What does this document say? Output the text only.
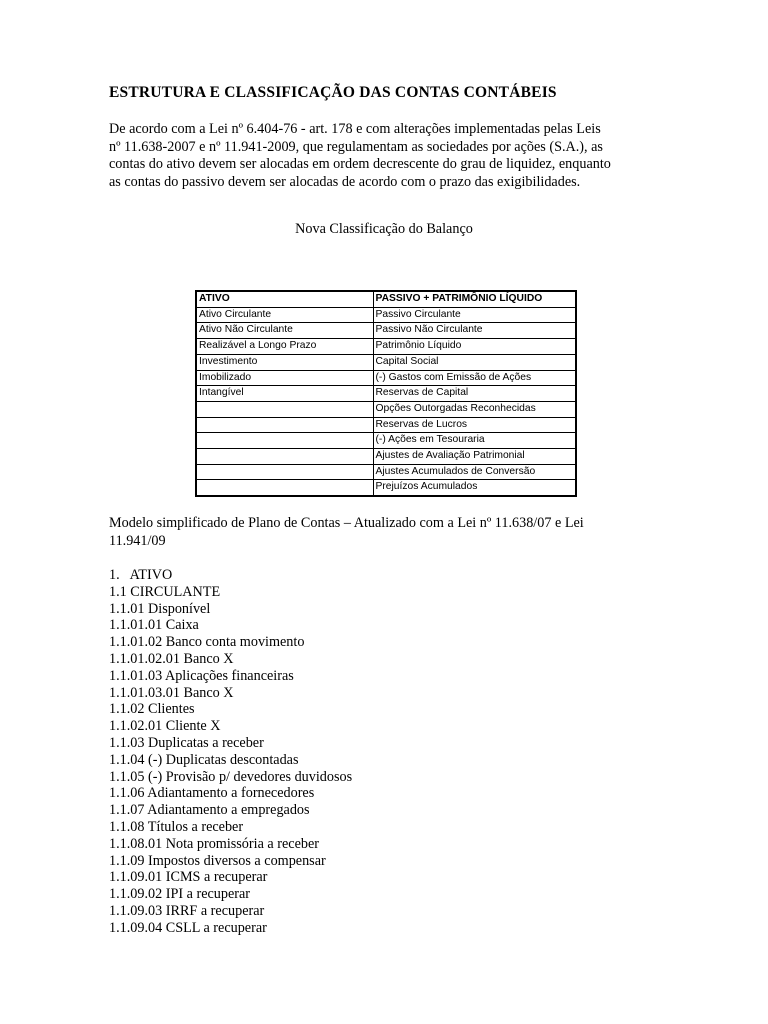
ESTRUTURA E CLASSIFICAÇÃO DAS CONTAS CONTÁBEIS
De acordo com a Lei nº 6.404-76 - art. 178 e com alterações implementadas pelas Leis
nº 11.638-2007 e nº 11.941-2009, que regulamentam as sociedades por ações (S.A.), as
contas do ativo devem ser alocadas em ordem decrescente do grau de liquidez, enquanto
as contas do passivo devem ser alocadas de acordo com o prazo das exigibilidades.
Nova Classificação do Balanço
ATIVO	PASSIVO + PATRIMÔNIO LÍQUIDO
Ativo Circulante	Passivo Circulante
Ativo Não Circulante	Passivo Não Circulante
Realizável a Longo Prazo	Patrimônio Líquido
Investimento	Capital Social
Imobilizado	(-) Gastos com Emissão de Ações
Intangível	Reservas de Capital
	Opções Outorgadas Reconhecidas
	Reservas de Lucros
	(-) Ações em Tesouraria
	Ajustes de Avaliação Patrimonial
	Ajustes Acumulados de Conversão
	Prejuízos Acumulados
Modelo simplificado de Plano de Contas – Atualizado com a Lei nº 11.638/07 e Lei
11.941/09
1. ATIVO
1.1 CIRCULANTE
1.1.01 Disponível
1.1.01.01 Caixa
1.1.01.02 Banco conta movimento
1.1.01.02.01 Banco X
1.1.01.03 Aplicações financeiras
1.1.01.03.01 Banco X
1.1.02 Clientes
1.1.02.01 Cliente X
1.1.03 Duplicatas a receber
1.1.04 (-) Duplicatas descontadas
1.1.05 (-) Provisão p/ devedores duvidosos
1.1.06 Adiantamento a fornecedores
1.1.07 Adiantamento a empregados
1.1.08 Títulos a receber
1.1.08.01 Nota promissória a receber
1.1.09 Impostos diversos a compensar
1.1.09.01 ICMS a recuperar
1.1.09.02 IPI a recuperar
1.1.09.03 IRRF a recuperar
1.1.09.04 CSLL a recuperar
